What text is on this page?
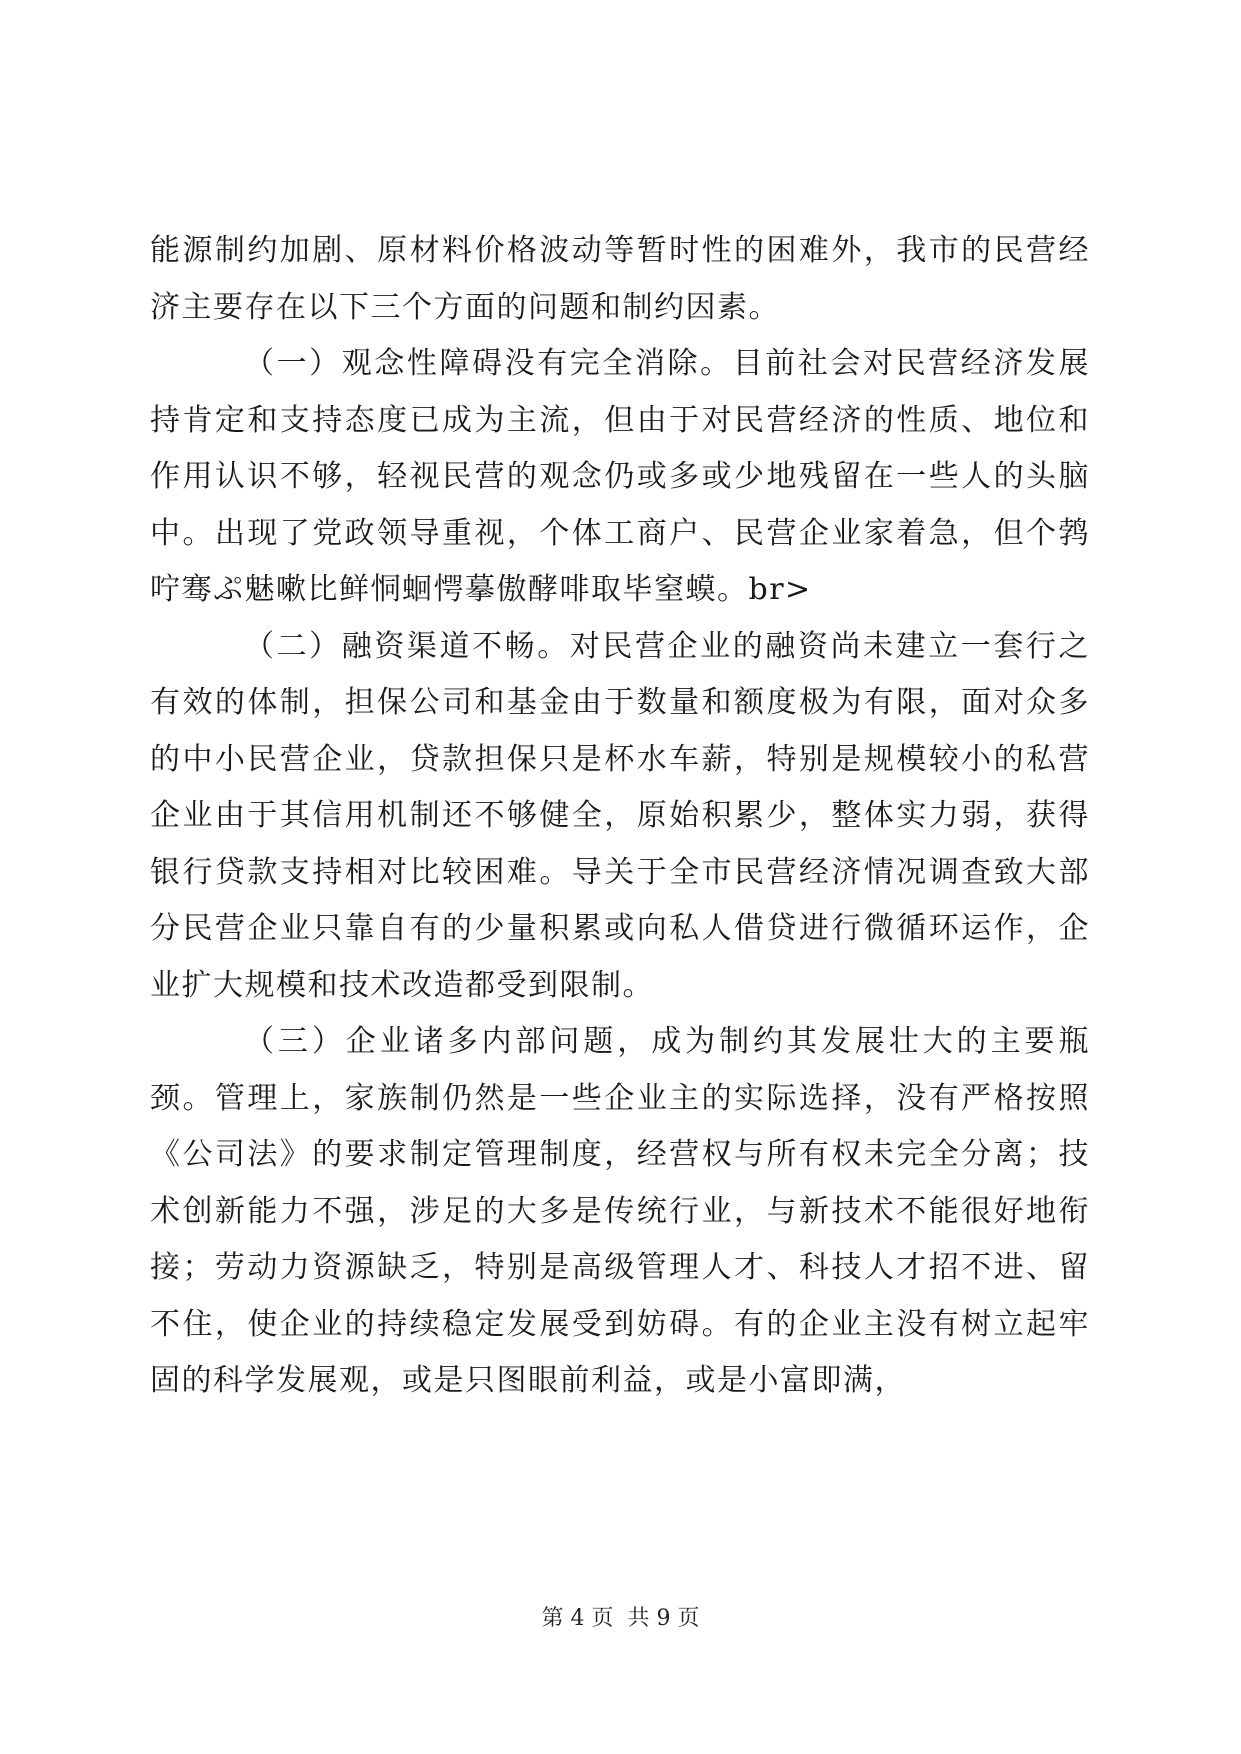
能源制约加剧、原材料价格波动等暂时性的困难外，我市的民营经济主要存在以下三个方面的问题和制约因素。

（一）观念性障碍没有完全消除。目前社会对民营经济发展持肯定和支持态度已成为主流，但由于对民营经济的性质、地位和作用认识不够，轻视民营的观念仍或多或少地残留在一些人的头脑中。出现了党政领导重视，个体工商户、民营企业家着急，但个鹁咛骞ぷ魅嗽比鲜恫蛔愕摹傲酵啡取毕窒蟆。br>

（二）融资渠道不畅。对民营企业的融资尚未建立一套行之有效的体制，担保公司和基金由于数量和额度极为有限，面对众多的中小民营企业，贷款担保只是杯水车薪，特别是规模较小的私营企业由于其信用机制还不够健全，原始积累少，整体实力弱，获得银行贷款支持相对比较困难。导关于全市民营经济情况调查致大部分民营企业只靠自有的少量积累或向私人借贷进行微循环运作，企业扩大规模和技术改造都受到限制。

（三）企业诸多内部问题，成为制约其发展壮大的主要瓶颈。管理上，家族制仍然是一些企业主的实际选择，没有严格按照《公司法》的要求制定管理制度，经营权与所有权未完全分离；技术创新能力不强，涉足的大多是传统行业，与新技术不能很好地衔接；劳动力资源缺乏，特别是高级管理人才、科技人才招不进、留不住，使企业的持续稳定发展受到妨碍。有的企业主没有树立起牢固的科学发展观，或是只图眼前利益，或是小富即满，

第 4 页  共 9 页
